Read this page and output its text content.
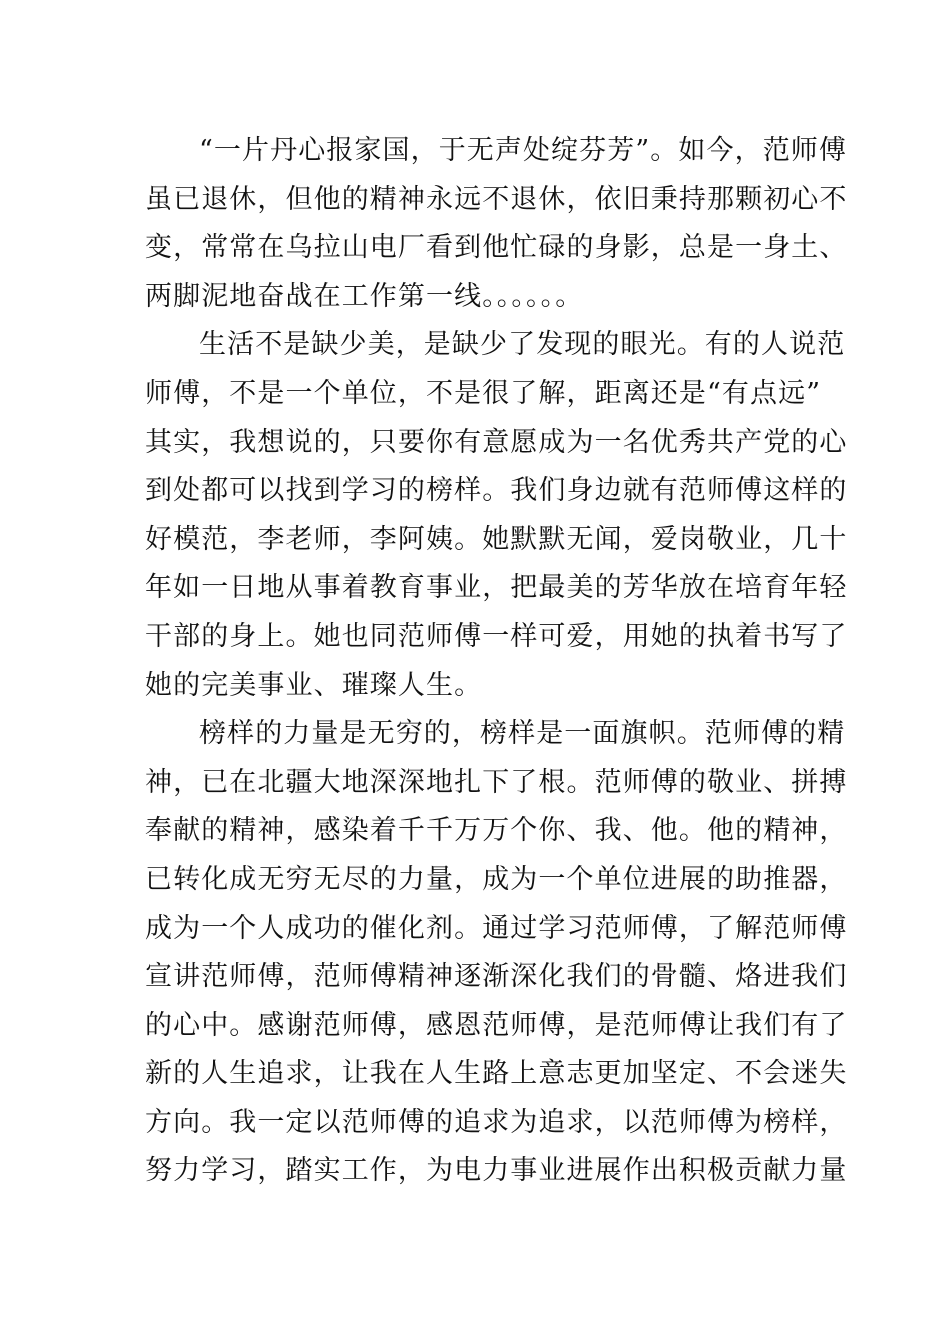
“一片丹心报家国，于无声处绽芬芳”。如今，范师傅
虽已退休，但他的精神永远不退休，依旧秉持那颗初心不
变，常常在乌拉山电厂看到他忙碌的身影，总是一身土、
两脚泥地奋战在工作第一线。。。。。。
生活不是缺少美，是缺少了发现的眼光。有的人说范
师傅，不是一个单位，不是很了解，距离还是“有点远”
其实，我想说的，只要你有意愿成为一名优秀共产党的心
到处都可以找到学习的榜样。我们身边就有范师傅这样的
好模范，李老师，李阿姨。她默默无闻，爱岗敬业，几十
年如一日地从事着教育事业，把最美的芳华放在培育年轻
干部的身上。她也同范师傅一样可爱，用她的执着书写了
她的完美事业、璀璨人生。
榜样的力量是无穷的，榜样是一面旗帜。范师傅的精
神，已在北疆大地深深地扎下了根。范师傅的敬业、拼搏
奉献的精神，感染着千千万万个你、我、他。他的精神，
已转化成无穷无尽的力量，成为一个单位进展的助推器，
成为一个人成功的催化剂。通过学习范师傅，了解范师傅
宣讲范师傅，范师傅精神逐渐深化我们的骨髓、烙进我们
的心中。感谢范师傅，感恩范师傅，是范师傅让我们有了
新的人生追求，让我在人生路上意志更加坚定、不会迷失
方向。我一定以范师傅的追求为追求，以范师傅为榜样，
努力学习，踏实工作，为电力事业进展作出积极贡献力量
